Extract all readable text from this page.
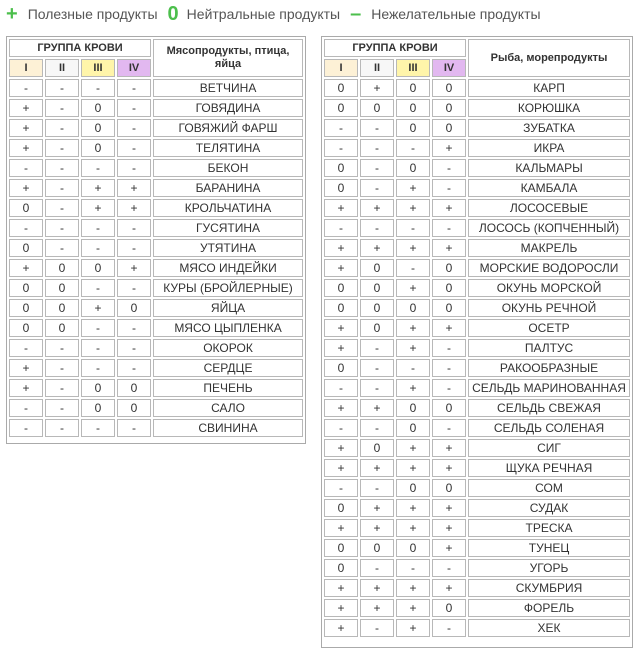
+ Полезные продукты 0 Нейтральные продукты – Нежелательные продукты
ГРУППА КРОВИ				Мясопродукты, птица, яйца
I	II	III	IV	
-	-	-	-	ВЕТЧИНА
+	-	0	-	ГОВЯДИНА
+	-	0	-	ГОВЯЖИЙ ФАРШ
+	-	0	-	ТЕЛЯТИНА
-	-	-	-	БЕКОН
+	-	+	+	БАРАНИНА
0	-	+	+	КРОЛЬЧАТИНА
-	-	-	-	ГУСЯТИНА
0	-	-	-	УТЯТИНА
+	0	0	+	МЯСО ИНДЕЙКИ
0	0	-	-	КУРЫ (БРОЙЛЕРНЫЕ)
0	0	+	0	ЯЙЦА
0	0	-	-	МЯСО ЦЫПЛЕНКА
-	-	-	-	ОКОРОК
+	-	-	-	СЕРДЦЕ
+	-	0	0	ПЕЧЕНЬ
-	-	0	0	САЛО
-	-	-	-	СВИНИНА
ГРУППА КРОВИ				Рыба, морепродукты
I	II	III	IV	
0	+	0	0	КАРП
0	0	0	0	КОРЮШКА
-	-	0	0	ЗУБАТКА
-	-	-	+	ИКРА
0	-	0	-	КАЛЬМАРЫ
0	-	+	-	КАМБАЛА
+	+	+	+	ЛОСОСЕВЫЕ
-	-	-	-	ЛОСОСЬ (КОПЧЕННЫЙ)
+	+	+	+	МАКРЕЛЬ
+	0	-	0	МОРСКИЕ ВОДОРОСЛИ
0	0	+	0	ОКУНЬ МОРСКОЙ
0	0	0	0	ОКУНЬ РЕЧНОЙ
+	0	+	+	ОСЕТР
+	-	+	-	ПАЛТУС
0	-	-	-	РАКООБРАЗНЫЕ
-	-	+	-	СЕЛЬДЬ МАРИНОВАННАЯ
+	+	0	0	СЕЛЬДЬ СВЕЖАЯ
-	-	0	-	СЕЛЬДЬ СОЛЕНАЯ
+	0	+	+	СИГ
+	+	+	+	ЩУКА РЕЧНАЯ
-	-	0	0	СОМ
0	+	+	+	СУДАК
+	+	+	+	ТРЕСКА
0	0	0	+	ТУНЕЦ
0	-	-	-	УГОРЬ
+	+	+	+	СКУМБРИЯ
+	+	+	0	ФОРЕЛЬ
+	-	+	-	ХЕК
